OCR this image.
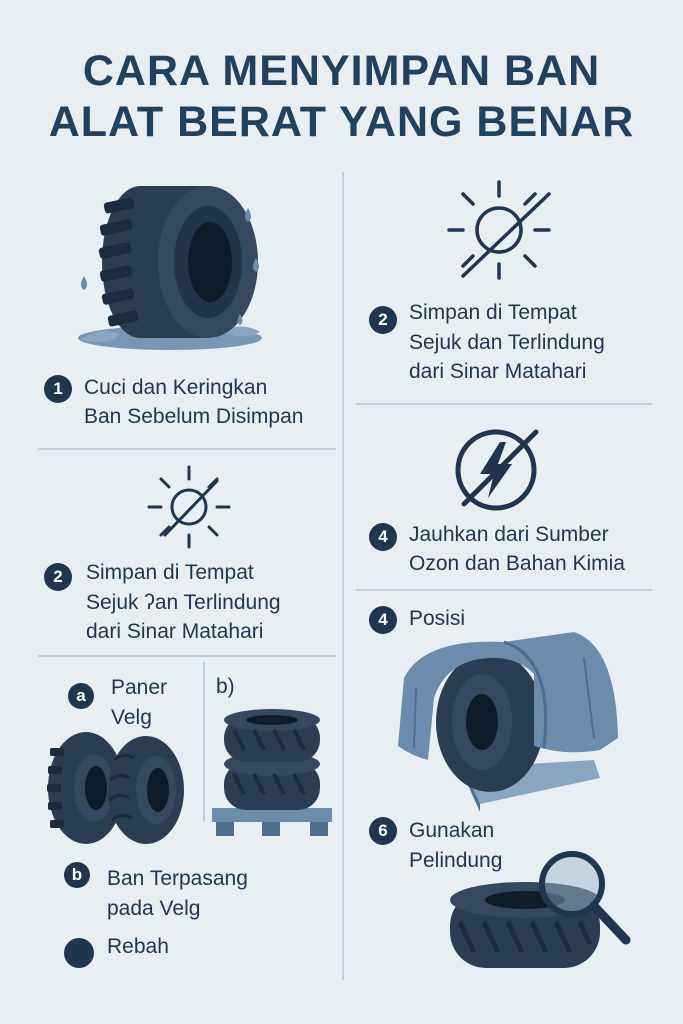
CARA MENYIMPAN BAN
ALAT BERAT YANG BENAR
1	Cuci dan Keringkan
Ban Sebelum Disimpan
2	Simpan di Tempat
Sejuk ʔan Terlindung
dari Sinar Matahari
a	Paner
Velg
b)
b	Ban Terpasang
pada Velg
Rebah
2	Simpan di Tempat
Sejuk dan Terlindung
dari Sinar Matahari
4	Jauhkan dari Sumber
Ozon dan Bahan Kimia
4	Posisi
6	Gunakan
Pelindung
